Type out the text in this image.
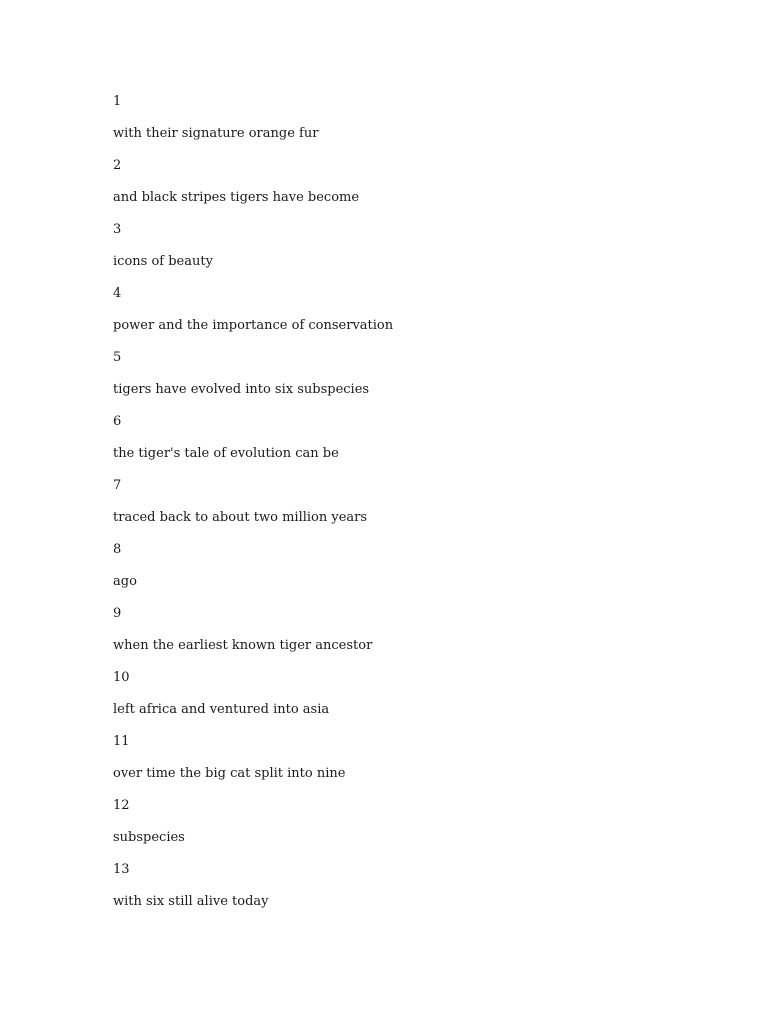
1

with their signature orange fur

2

and black stripes tigers have become

3

icons of beauty

4

power and the importance of conservation

5

tigers have evolved into six subspecies

6

the tiger's tale of evolution can be

7

traced back to about two million years

8

ago

9

when the earliest known tiger ancestor

10

left africa and ventured into asia

11

over time the big cat split into nine

12

subspecies

13

with six still alive today
